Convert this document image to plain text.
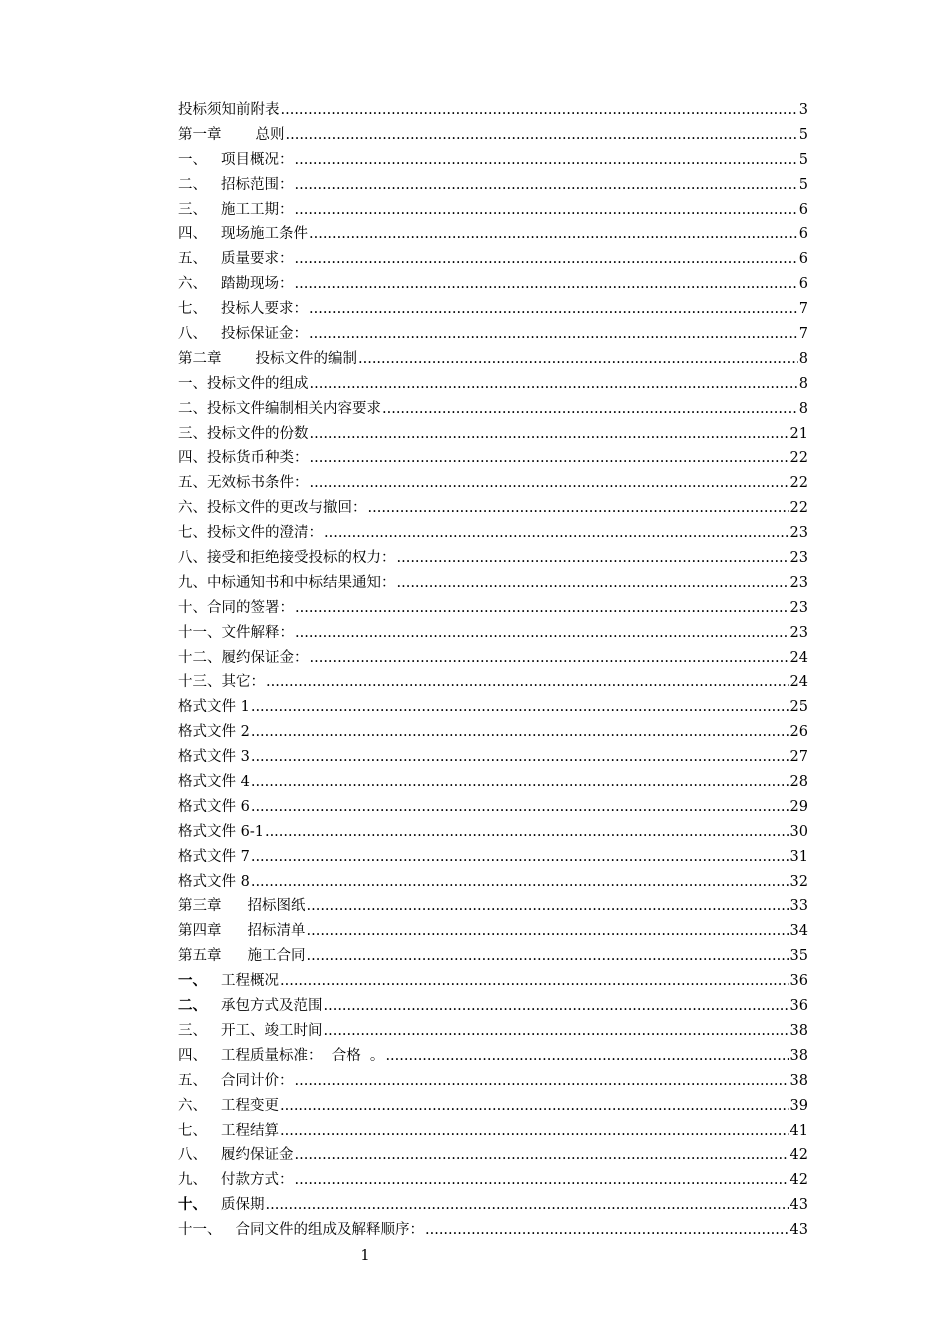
投标须知前附表 .....	3
第一章 总则 .....	5
一、 项目概况： .....	5
二、 招标范围： .....	5
三、 施工工期： .....	6
四、 现场施工条件 .....	6
五、 质量要求： .....	6
六、 踏勘现场： .....	6
七、 投标人要求： .....	7
八、 投标保证金： .....	7
第二章 投标文件的编制 .....	8
一、投标文件的组成 .....	8
二、投标文件编制相关内容要求 .....	8
三、投标文件的份数 .....	21
四、投标货币种类： .....	22
五、无效标书条件： .....	22
六、投标文件的更改与撤回： .....	22
七、投标文件的澄清： .....	23
八、接受和拒绝接受投标的权力： .....	23
九、中标通知书和中标结果通知： .....	23
十、合同的签署： .....	23
十一、文件解释： .....	23
十二、履约保证金： .....	24
十三、其它： .....	24
格式文件 1 .....	25
格式文件 2 .....	26
格式文件 3 .....	27
格式文件 4 .....	28
格式文件 6 .....	29
格式文件 6-1 .....	30
格式文件 7 .....	31
格式文件 8 .....	32
第三章 招标图纸 .....	33
第四章 招标清单 .....	34
第五章 施工合同 .....	35
一、 工程概况 .....	36
二、 承包方式及范围 .....	36
三、 开工、竣工时间 .....	38
四、 工程质量标准：  合格  。 .....	38
五、 合同计价： .....	38
六、 工程变更 .....	39
七、 工程结算 .....	41
八、 履约保证金 .....	42
九、 付款方式： .....	42
十、 质保期 .....	43
十一、 合同文件的组成及解释顺序： .....	43
1
